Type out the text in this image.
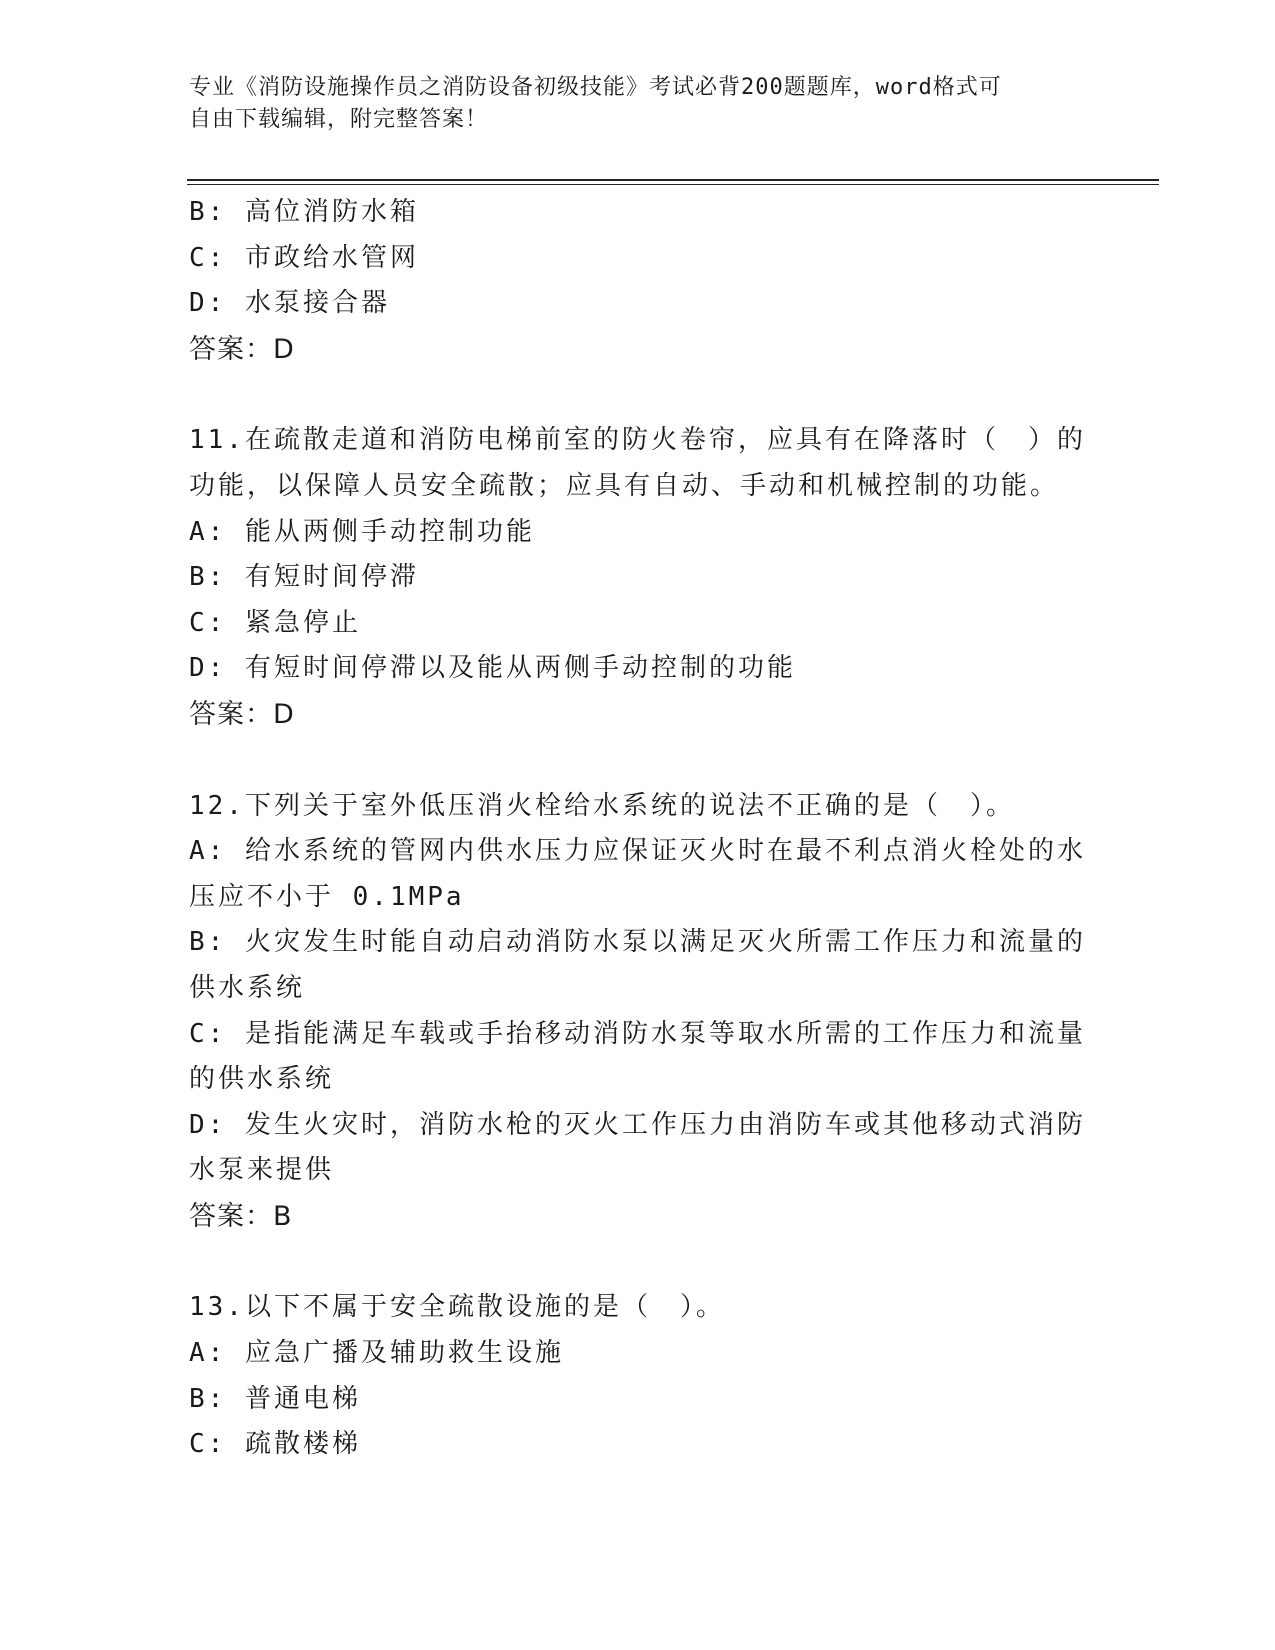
专业《消防设施操作员之消防设备初级技能》考试必背200题题库，word格式可
自由下载编辑，附完整答案！
B: 高位消防水箱
C: 市政给水管网
D: 水泵接合器
答案：D
11.在疏散走道和消防电梯前室的防火卷帘，应具有在降落时（　）的
功能，以保障人员安全疏散；应具有自动、手动和机械控制的功能。
A: 能从两侧手动控制功能
B: 有短时间停滞
C: 紧急停止
D: 有短时间停滞以及能从两侧手动控制的功能
答案：D
12.下列关于室外低压消火栓给水系统的说法不正确的是（　）。
A: 给水系统的管网内供水压力应保证灭火时在最不利点消火栓处的水
压应不小于 0.1MPa
B: 火灾发生时能自动启动消防水泵以满足灭火所需工作压力和流量的
供水系统
C: 是指能满足车载或手抬移动消防水泵等取水所需的工作压力和流量
的供水系统
D: 发生火灾时，消防水枪的灭火工作压力由消防车或其他移动式消防
水泵来提供
答案：B
13.以下不属于安全疏散设施的是（　）。
A: 应急广播及辅助救生设施
B: 普通电梯
C: 疏散楼梯
